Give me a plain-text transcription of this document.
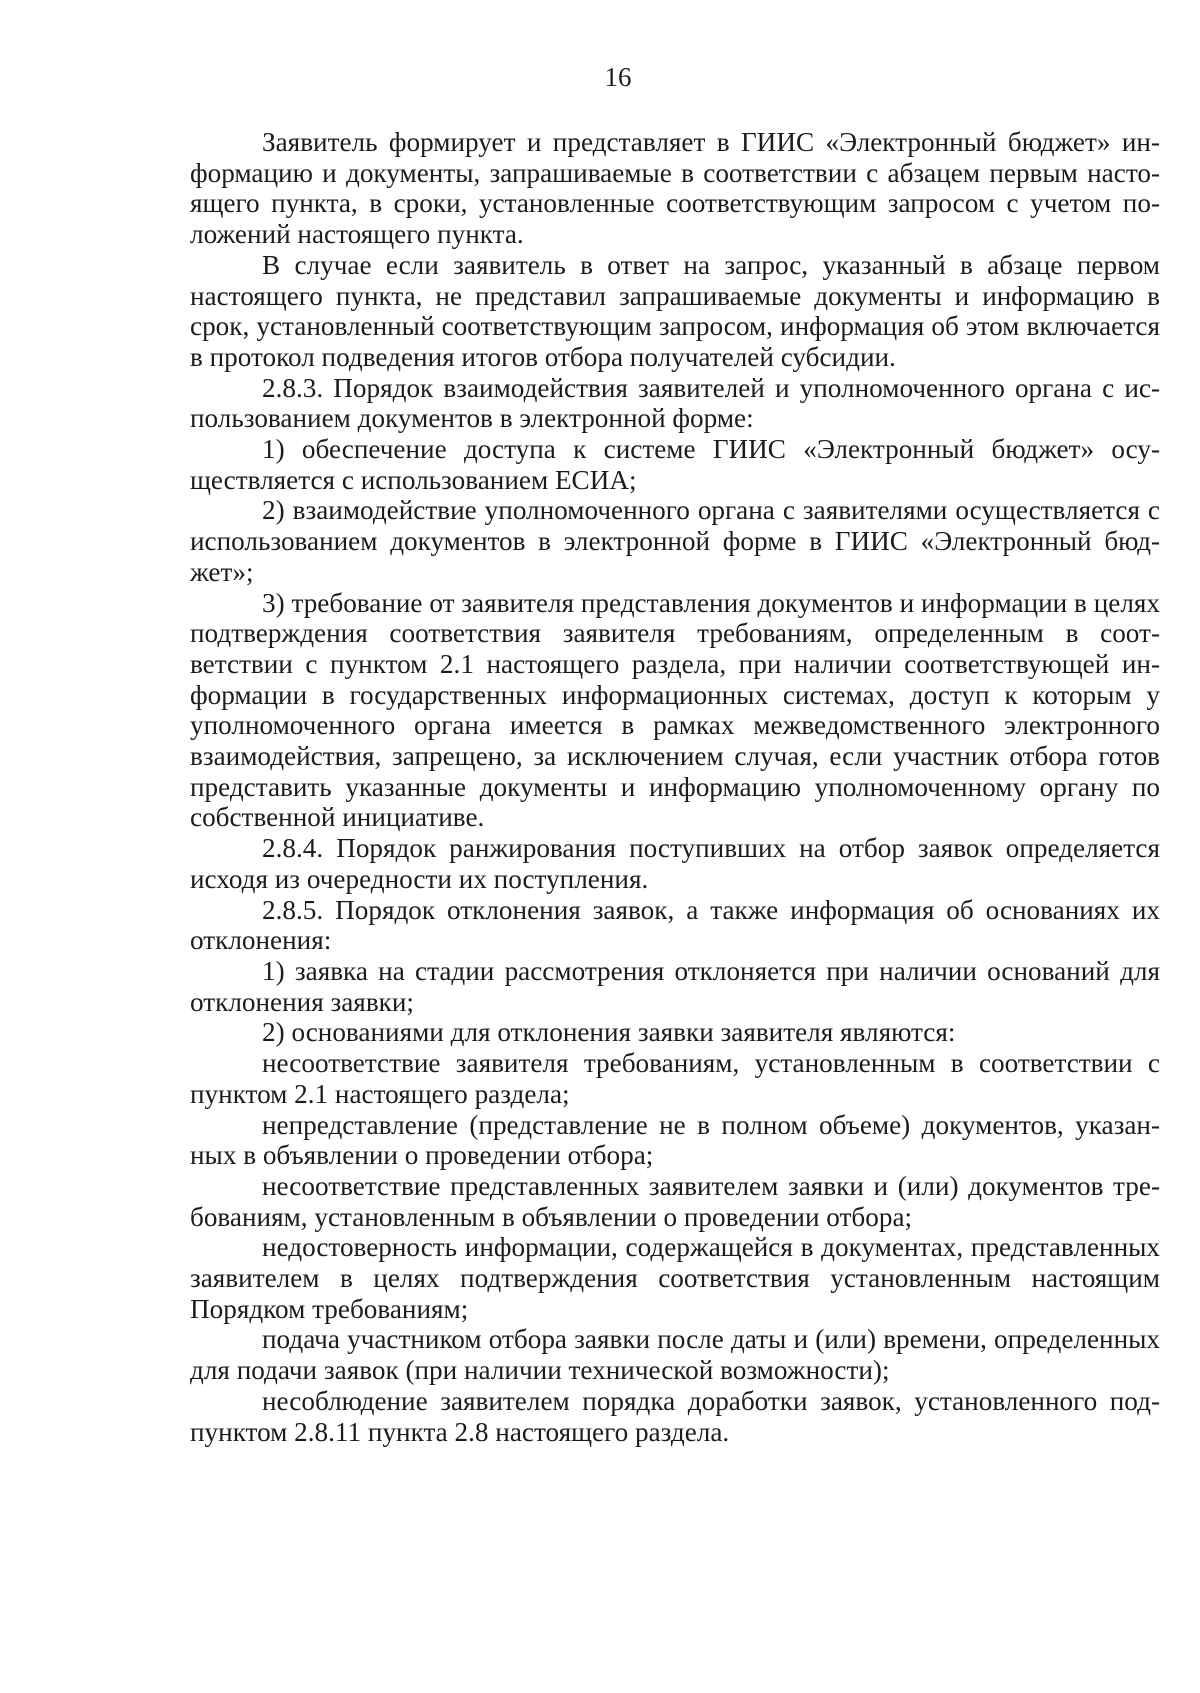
16

Заявитель формирует и представляет в ГИИС «Электронный бюджет» информацию и документы, запрашиваемые в соответствии с абзацем первым настоящего пункта, в сроки, установленные соответствующим запросом с учетом положений настоящего пункта.

В случае если заявитель в ответ на запрос, указанный в абзаце первом настоящего пункта, не представил запрашиваемые документы и информацию в срок, установленный соответствующим запросом, информация об этом включается в протокол подведения итогов отбора получателей субсидии.

2.8.3. Порядок взаимодействия заявителей и уполномоченного органа с использованием документов в электронной форме:

1) обеспечение доступа к системе ГИИС «Электронный бюджет» осуществляется с использованием ЕСИА;

2) взаимодействие уполномоченного органа с заявителями осуществляется с использованием документов в электронной форме в ГИИС «Электронный бюджет»;

3) требование от заявителя представления документов и информации в целях подтверждения соответствия заявителя требованиям, определенным в соответствии с пунктом 2.1 настоящего раздела, при наличии соответствующей информации в государственных информационных системах, доступ к которым у уполномоченного органа имеется в рамках межведомственного электронного взаимодействия, запрещено, за исключением случая, если участник отбора готов представить указанные документы и информацию уполномоченному органу по собственной инициативе.

2.8.4. Порядок ранжирования поступивших на отбор заявок определяется исходя из очередности их поступления.

2.8.5. Порядок отклонения заявок, а также информация об основаниях их отклонения:

1) заявка на стадии рассмотрения отклоняется при наличии оснований для отклонения заявки;

2) основаниями для отклонения заявки заявителя являются:

несоответствие заявителя требованиям, установленным в соответствии с пунктом 2.1 настоящего раздела;

непредставление (представление не в полном объеме) документов, указанных в объявлении о проведении отбора;

несоответствие представленных заявителем заявки и (или) документов требованиям, установленным в объявлении о проведении отбора;

недостоверность информации, содержащейся в документах, представленных заявителем в целях подтверждения соответствия установленным настоящим Порядком требованиям;

подача участником отбора заявки после даты и (или) времени, определенных для подачи заявок (при наличии технической возможности);

несоблюдение заявителем порядка доработки заявок, установленного подпунктом 2.8.11 пункта 2.8 настоящего раздела.
